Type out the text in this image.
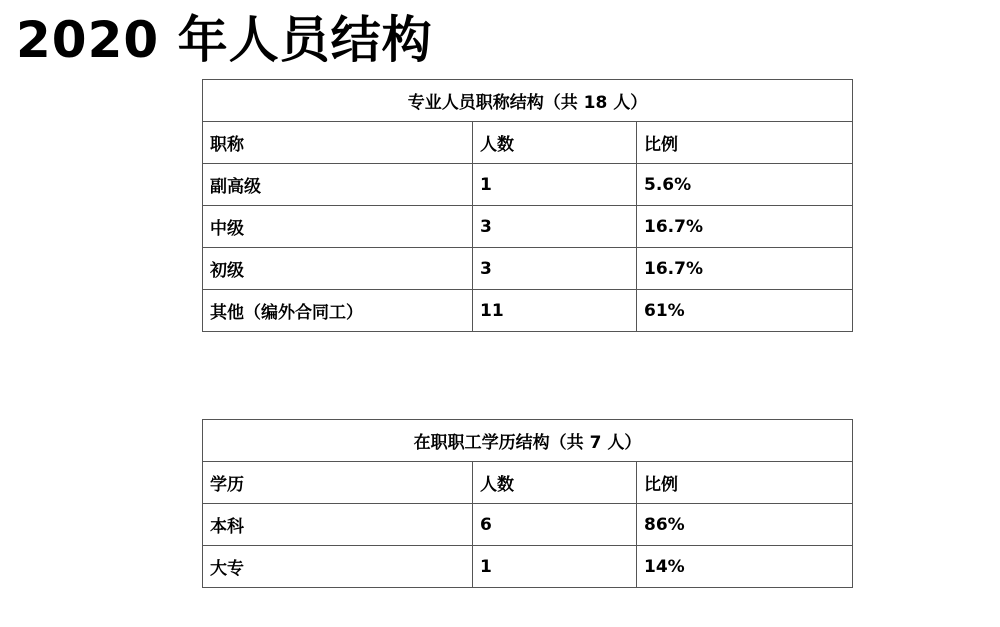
2020 年人员结构
专业人员职称结构（共 18 人）		
职称	人数	比例
副高级	1	5.6%
中级	3	16.7%
初级	3	16.7%
其他（编外合同工）	11	61%
在职职工学历结构（共 7 人）		
学历	人数	比例
本科	6	86%
大专	1	14%
